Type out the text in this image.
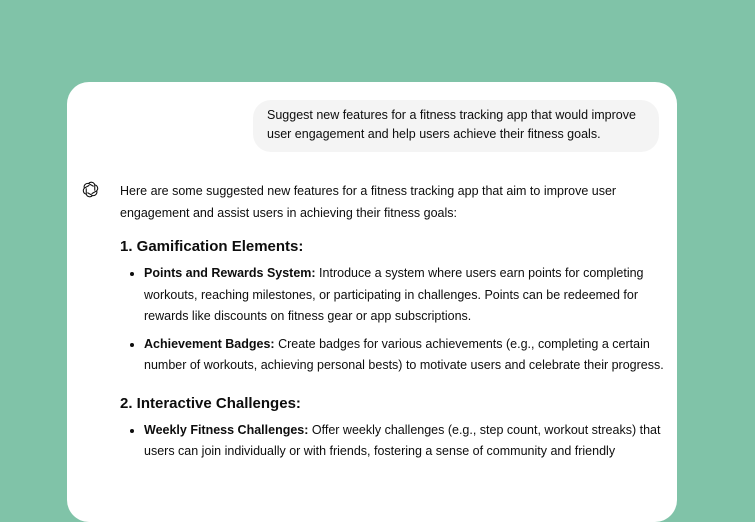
Suggest new features for a fitness tracking app that would improve user engagement and help users achieve their fitness goals.

Here are some suggested new features for a fitness tracking app that aim to improve user engagement and assist users in achieving their fitness goals:

1. Gamification Elements:
Points and Rewards System: Introduce a system where users earn points for completing workouts, reaching milestones, or participating in challenges. Points can be redeemed for rewards like discounts on fitness gear or app subscriptions.
Achievement Badges: Create badges for various achievements (e.g., completing a certain number of workouts, achieving personal bests) to motivate users and celebrate their progress.
2. Interactive Challenges:
Weekly Fitness Challenges: Offer weekly challenges (e.g., step count, workout streaks) that users can join individually or with friends, fostering a sense of community and friendly
